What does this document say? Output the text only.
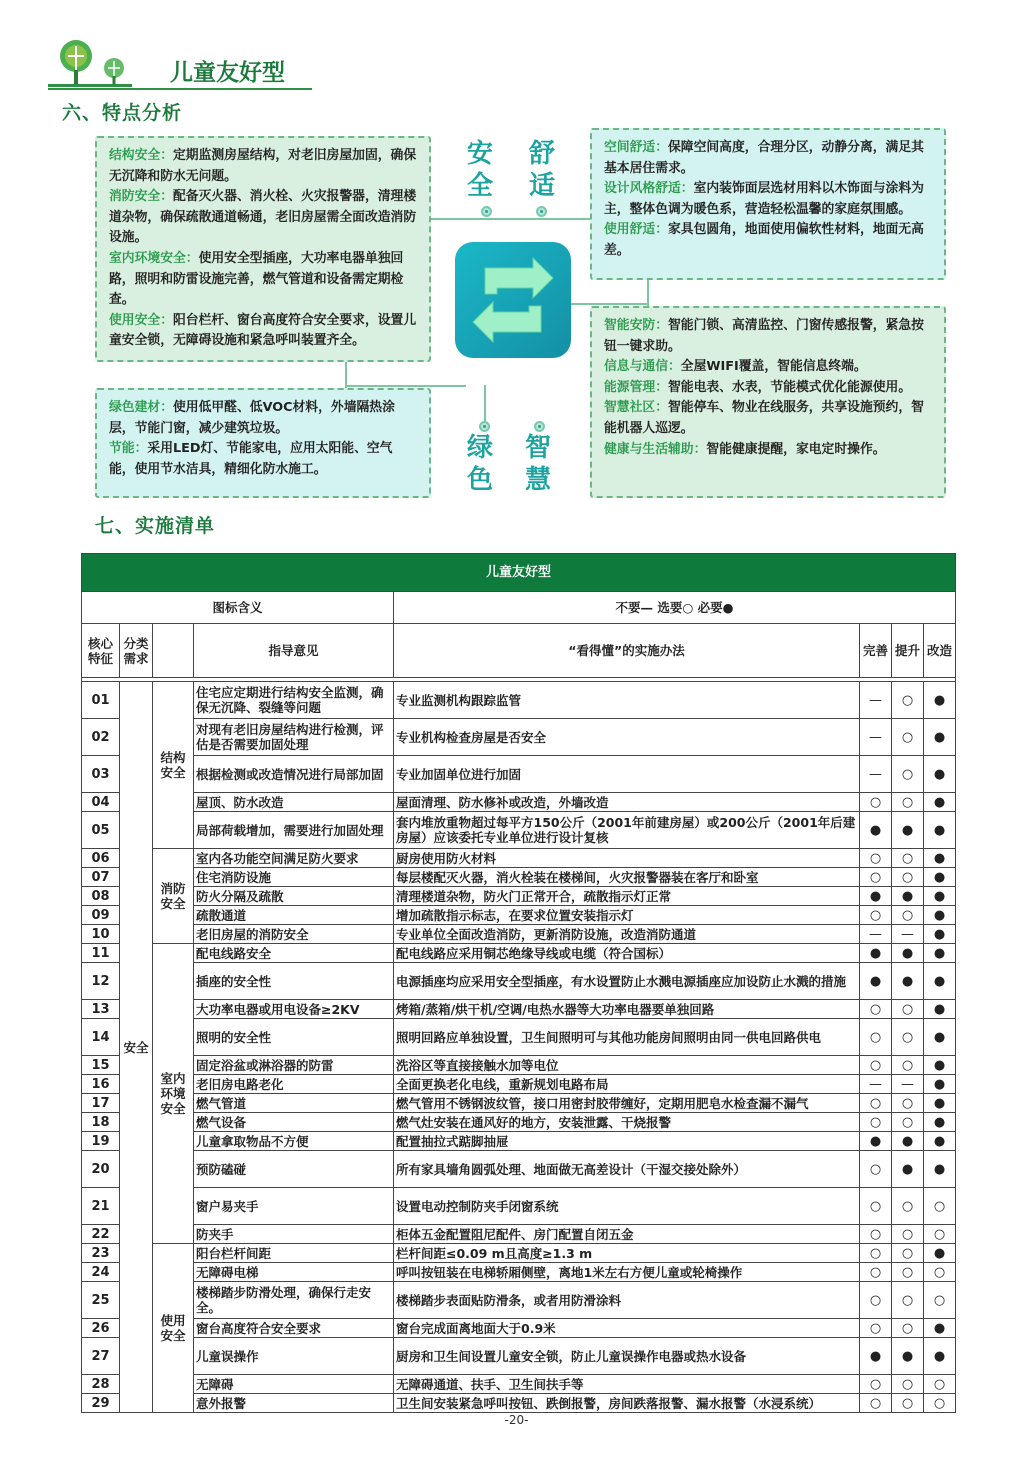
儿童友好型
六、特点分析

结构安全：定期监测房屋结构，对老旧房屋加固，确保无沉降和防水无问题。

消防安全：配备灭火器、消火栓、火灾报警器，清理楼道杂物，确保疏散通道畅通，老旧房屋需全面改造消防设施。

室内环境安全：使用安全型插座，大功率电器单独回路，照明和防雷设施完善，燃气管道和设备需定期检查。

使用安全：阳台栏杆、窗台高度符合安全要求，设置儿童安全锁，无障碍设施和紧急呼叫装置齐全。

空间舒适：保障空间高度，合理分区，动静分离，满足其基本居住需求。

设计风格舒适：室内装饰面层选材用料以木饰面与涂料为主，整体色调为暖色系，营造轻松温馨的家庭氛围感。

使用舒适：家具包圆角，地面使用偏软性材料，地面无高差。

绿色建材：使用低甲醛、低VOC材料，外墙隔热涂层，节能门窗，减少建筑垃圾。

节能：采用LED灯、节能家电，应用太阳能、空气能，使用节水洁具，精细化防水施工。

智能安防：智能门锁、高清监控、门窗传感报警，紧急按钮一键求助。

信息与通信：全屋WIFI覆盖，智能信息终端。

能源管理：智能电表、水表，节能模式优化能源使用。

智慧社区：智能停车、物业在线服务，共享设施预约，智能机器人巡逻。

健康与生活辅助：智能健康提醒，家电定时操作。

安
全
舒
适
绿
色
智
慧
七、实施清单
儿童友好型							
图标含义				不要— 选要○ 必要●			
核心特征	分类需求		指导意见	“看得懂”的实施办法	完善	提升	改造

01	安全	结构安全	住宅应定期进行结构安全监测，确保无沉降、裂缝等问题	专业监测机构跟踪监管	—	○	●
02			对现有老旧房屋结构进行检测，评估是否需要加固处理	专业机构检查房屋是否安全	—	○	●
03			根据检测或改造情况进行局部加固	专业加固单位进行加固	—	○	●
04			屋顶、防水改造	屋面清理、防水修补或改造，外墙改造	○	○	●
05			局部荷载增加，需要进行加固处理	套内堆放重物超过每平方150公斤（2001年前建房屋）或200公斤（2001年后建房屋）应该委托专业单位进行设计复核	●	●	●
06		消防安全	室内各功能空间满足防火要求	厨房使用防火材料	○	○	●
07			住宅消防设施	每层楼配灭火器，消火栓装在楼梯间，火灾报警器装在客厅和卧室	○	○	●
08			防火分隔及疏散	清理楼道杂物，防火门正常开合，疏散指示灯正常	●	●	●
09			疏散通道	增加疏散指示标志，在要求位置安装指示灯	○	○	●
10			老旧房屋的消防安全	专业单位全面改造消防，更新消防设施，改造消防通道	—	—	●
11		室内环境安全	配电线路安全	配电线路应采用铜芯绝缘导线或电缆（符合国标）	●	●	●
12			插座的安全性	电源插座均应采用安全型插座，有水设置防止水溅电源插座应加设防止水溅的措施	●	●	●
13			大功率电器或用电设备≥2KV	烤箱/蒸箱/烘干机/空调/电热水器等大功率电器要单独回路	○	○	●
14			照明的安全性	照明回路应单独设置，卫生间照明可与其他功能房间照明由同一供电回路供电	○	○	●
15			固定浴盆或淋浴器的防雷	洗浴区等直接接触水加等电位	○	○	●
16			老旧房电路老化	全面更换老化电线，重新规划电路布局	—	—	●
17			燃气管道	燃气管用不锈钢波纹管，接口用密封胶带缠好，定期用肥皂水检查漏不漏气	○	○	●
18			燃气设备	燃气灶安装在通风好的地方，安装泄露、干烧报警	○	○	●
19			儿童拿取物品不方便	配置抽拉式踮脚抽屉	●	●	●
20			预防磕碰	所有家具墙角圆弧处理、地面做无高差设计（干湿交接处除外）	○	●	●
21			窗户易夹手	设置电动控制防夹手闭窗系统	○	○	○
22			防夹手	柜体五金配置阻尼配件、房门配置自闭五金	○	○	○
23		使用安全	阳台栏杆间距	栏杆间距≤0.09 m且高度≥1.3 m	○	○	●
24			无障碍电梯	呼叫按钮装在电梯轿厢侧壁，离地1米左右方便儿童或轮椅操作	○	○	○
25			楼梯踏步防滑处理，确保行走安全。	楼梯踏步表面贴防滑条，或者用防滑涂料	○	○	○
26			窗台高度符合安全要求	窗台完成面离地面大于0.9米	○	○	●
27			儿童误操作	厨房和卫生间设置儿童安全锁，防止儿童误操作电器或热水设备	●	●	●
28			无障碍	无障碍通道、扶手、卫生间扶手等	○	○	○
29			意外报警	卫生间安装紧急呼叫按钮、跌倒报警，房间跌落报警、漏水报警（水浸系统）	○	○	○
-20-
